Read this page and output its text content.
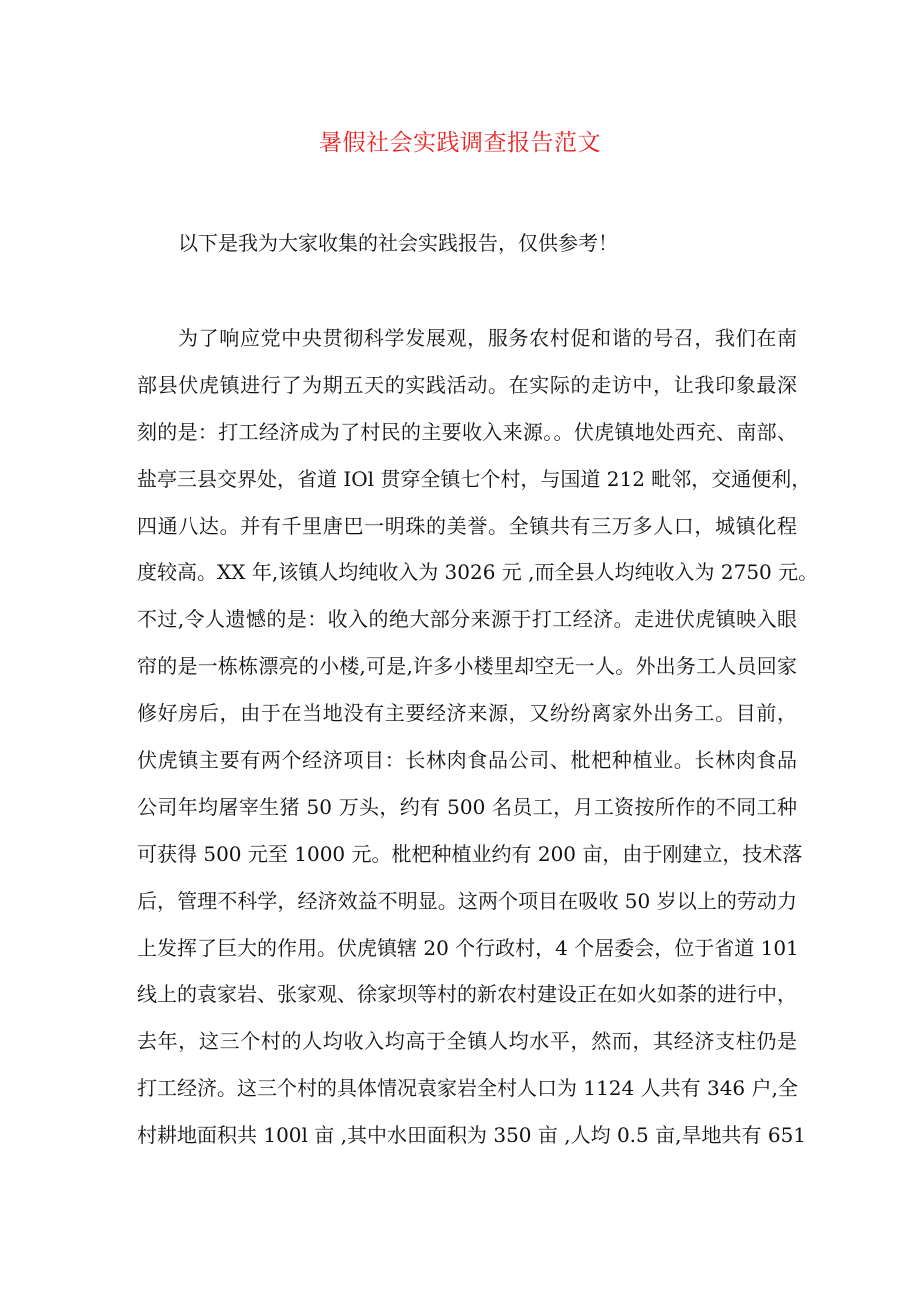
暑假社会实践调查报告范文
以下是我为大家收集的社会实践报告，仅供参考！
为了响应党中央贯彻科学发展观，服务农村促和谐的号召，我们在南
部县伏虎镇进行了为期五天的实践活动。在实际的走访中，让我印象最深
刻的是：打工经济成为了村民的主要收入来源。。伏虎镇地处西充、南部、
盐亭三县交界处，省道 IOl 贯穿全镇七个村，与国道 212 毗邻，交通便利，
四通八达。并有千里唐巴一明珠的美誉。全镇共有三万多人口，城镇化程
度较高。XX 年,该镇人均纯收入为 3026 元 ,而全县人均纯收入为 2750 元。
不过,令人遗憾的是：收入的绝大部分来源于打工经济。走进伏虎镇映入眼
帘的是一栋栋漂亮的小楼,可是,许多小楼里却空无一人。外出务工人员回家
修好房后，由于在当地没有主要经济来源，又纷纷离家外出务工。目前，
伏虎镇主要有两个经济项目：长林肉食品公司、枇杷种植业。长林肉食品
公司年均屠宰生猪 50 万头，约有 500 名员工，月工资按所作的不同工种
可获得 500 元至 1000 元。枇杷种植业约有 200 亩，由于刚建立，技术落
后，管理不科学，经济效益不明显。这两个项目在吸收 50 岁以上的劳动力
上发挥了巨大的作用。伏虎镇辖 20 个行政村，4 个居委会，位于省道 101
线上的袁家岩、张家观、徐家坝等村的新农村建设正在如火如荼的进行中，
去年，这三个村的人均收入均高于全镇人均水平，然而，其经济支柱仍是
打工经济。这三个村的具体情况袁家岩全村人口为 1124 人共有 346 户,全
村耕地面积共 100l 亩 ,其中水田面积为 350 亩 ,人均 0.5 亩,旱地共有 651
